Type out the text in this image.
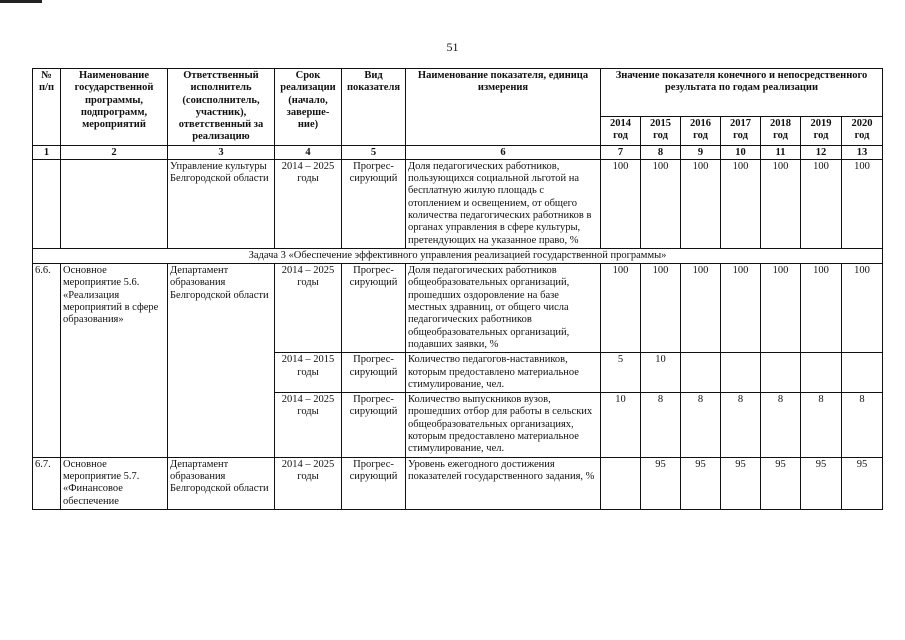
51
№
п/п	Наименование государственной программы, подпрограмм, мероприятий	Ответственный исполнитель (соисполнитель, участник), ответственный за реализацию	Срок реализации (начало, заверше-ние)	Вид показателя	Наименование показателя, единица измерения	Значение показателя конечного и непосредственного результата по годам реализации						
						2014 год	2015 год	2016 год	2017 год	2018 год	2019 год	2020 год
1	2	3	4	5	6	7	8	9	10	11	12	13
		Управление культуры Белгородской области	2014 – 2025 годы	Прогрес-сирующий	Доля педагогических работников, пользующихся социальной льготой на бесплатную жилую площадь с отоплением и освещением, от общего количества педагогических работников в органах управления в сфере культуры, претендующих на указанное право, %	100	100	100	100	100	100	100
Задача 3 «Обеспечение эффективного управления реализацией государственной программы»												
6.6.	Основное мероприятие 5.6. «Реализация мероприятий в сфере образования»	Департамент образования Белгородской области	2014 – 2025 годы	Прогрес-сирующий	Доля педагогических работников общеобразовательных организаций, прошедших оздоровление на базе местных здравниц, от общего числа педагогических работников общеобразовательных организаций, подавших заявки, %	100	100	100	100	100	100	100
			2014 – 2015 годы	Прогрес-сирующий	Количество педагогов-наставников, которым предоставлено материальное стимулирование, чел.	5	10					
			2014 – 2025 годы	Прогрес-сирующий	Количество выпускников вузов, прошедших отбор для работы в сельских общеобразовательных организациях, которым предоставлено материальное стимулирование, чел.	10	8	8	8	8	8	8
6.7.	Основное мероприятие 5.7. «Финансовое обеспечение	Департамент образования Белгородской области	2014 – 2025 годы	Прогрес-сирующий	Уровень ежегодного достижения показателей государственного задания, %		95	95	95	95	95	95
